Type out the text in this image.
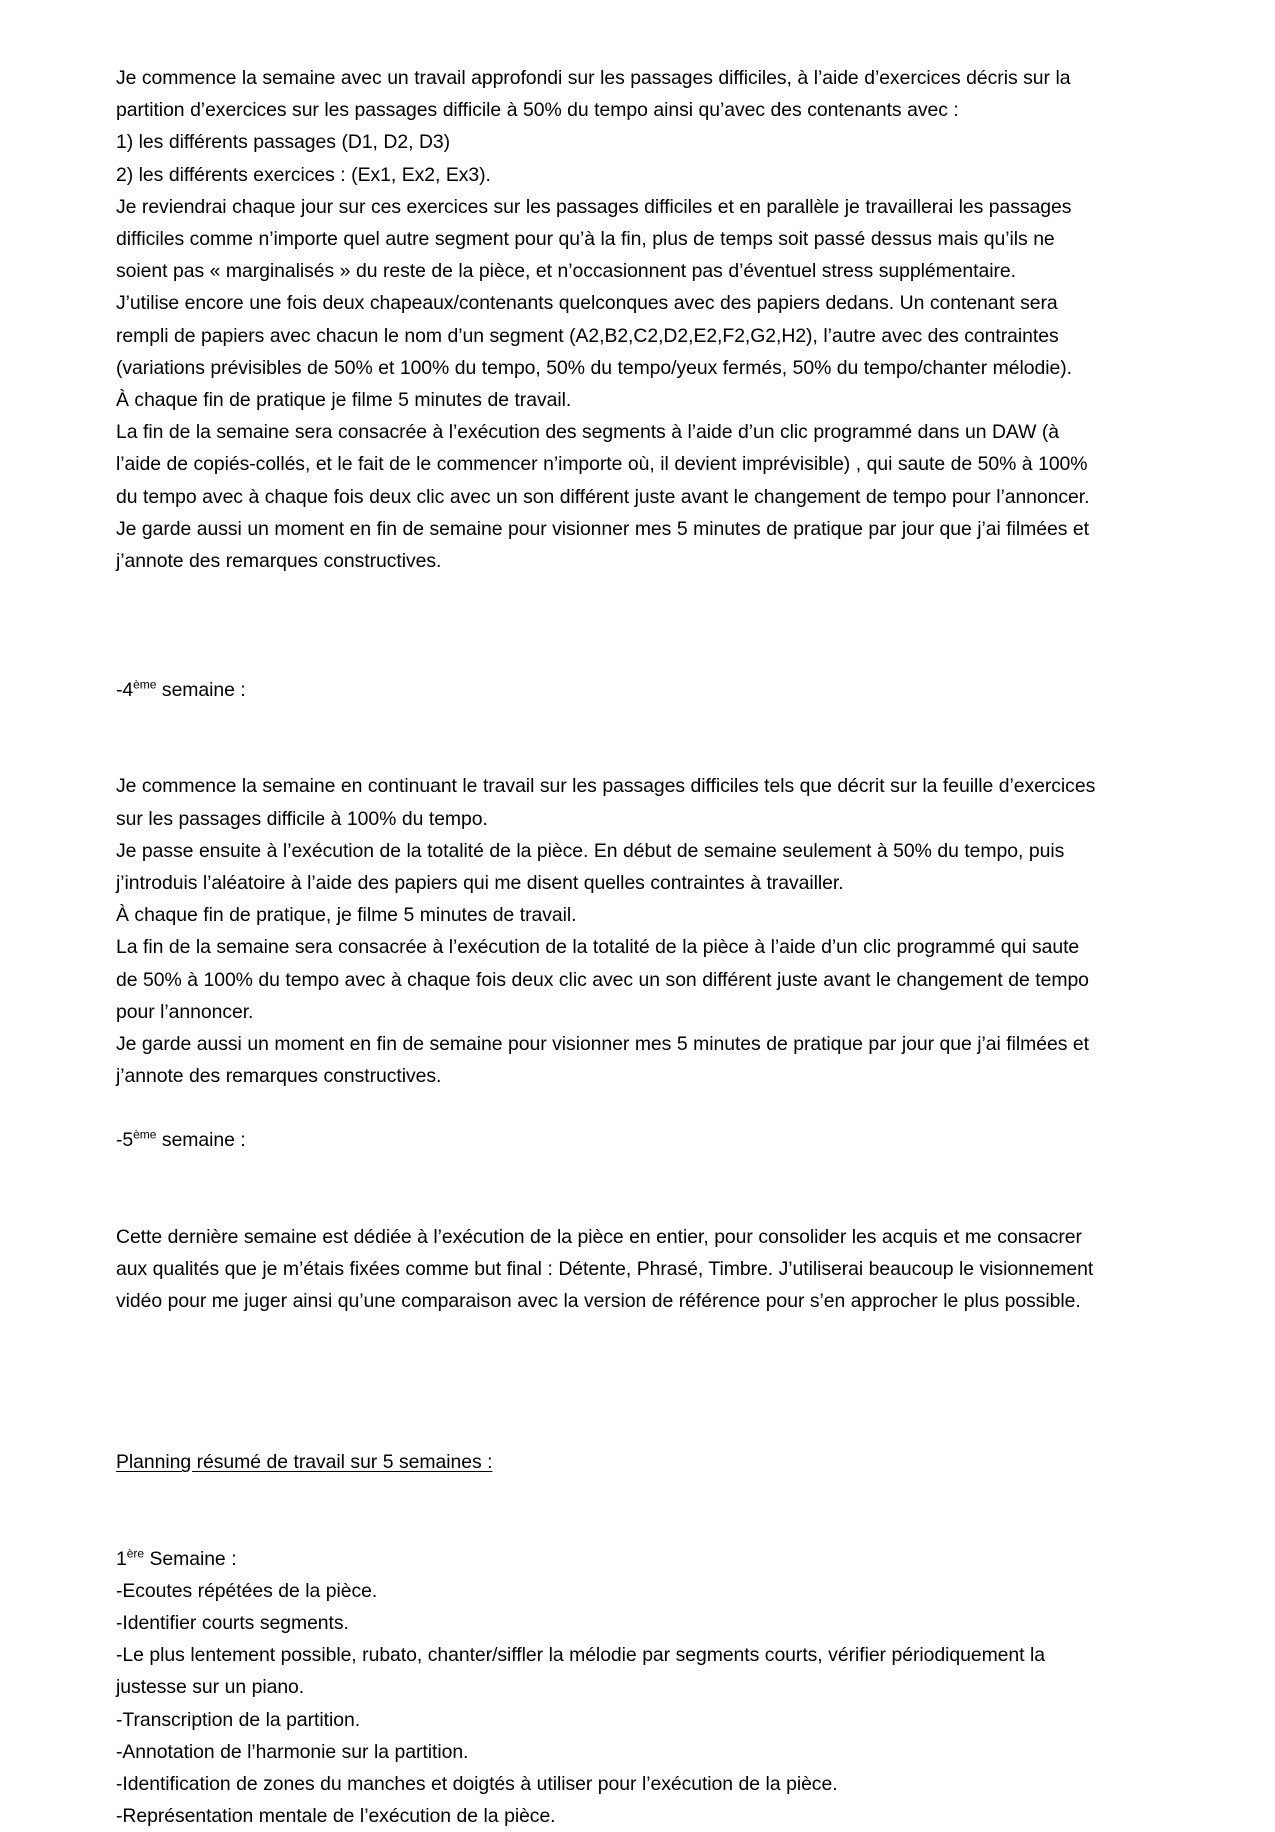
Je commence la semaine avec un travail approfondi sur les passages difficiles, à l’aide d’exercices décris sur la partition d’exercices sur les passages difficile à 50% du tempo ainsi qu’avec des contenants avec :

1) les différents passages (D1, D2, D3)

2) les différents exercices : (Ex1, Ex2, Ex3).

Je reviendrai chaque jour sur ces exercices sur les passages difficiles et en parallèle je travaillerai les passages difficiles comme n’importe quel autre segment pour qu’à la fin, plus de temps soit passé dessus mais qu’ils ne soient pas « marginalisés » du reste de la pièce, et n’occasionnent pas d’éventuel stress supplémentaire.

J’utilise encore une fois deux chapeaux/contenants quelconques avec des papiers dedans. Un contenant sera rempli de papiers avec chacun le nom d’un segment (A2,B2,C2,D2,E2,F2,G2,H2), l’autre avec des contraintes (variations prévisibles de 50% et 100% du tempo, 50% du tempo/yeux fermés, 50% du tempo/chanter mélodie).

À chaque fin de pratique je filme 5 minutes de travail.

La fin de la semaine sera consacrée à l’exécution des segments à l’aide d’un clic programmé dans un DAW (à l’aide de copiés-collés, et le fait de le commencer n’importe où, il devient imprévisible) , qui saute de 50% à 100% du tempo avec à chaque fois deux clic avec un son différent juste avant le changement de tempo pour l’annoncer.

Je garde aussi un moment en fin de semaine pour visionner mes 5 minutes de pratique par jour que j’ai filmées et j’annote des remarques constructives.

-4ème semaine :

Je commence la semaine en continuant le travail sur les passages difficiles tels que décrit sur la feuille d’exercices sur les passages difficile à 100% du tempo.

Je passe ensuite à l’exécution de la totalité de la pièce. En début de semaine seulement à 50% du tempo, puis j’introduis l’aléatoire à l’aide des papiers qui me disent quelles contraintes à travailler.

À chaque fin de pratique, je filme 5 minutes de travail.

La fin de la semaine sera consacrée à l’exécution de la totalité de la pièce à l’aide d’un clic programmé qui saute de 50% à 100% du tempo avec à chaque fois deux clic avec un son différent juste avant le changement de tempo pour l’annoncer.

Je garde aussi un moment en fin de semaine pour visionner mes 5 minutes de pratique par jour que j’ai filmées et j’annote des remarques constructives.

-5ème semaine :

Cette dernière semaine est dédiée à l’exécution de la pièce en entier, pour consolider les acquis et me consacrer aux qualités que je m’étais fixées comme but final : Détente, Phrasé, Timbre. J’utiliserai beaucoup le visionnement vidéo pour me juger ainsi qu’une comparaison avec la version de référence pour s’en approcher le plus possible.

Planning résumé de travail sur 5 semaines :

1ère Semaine :

-Ecoutes répétées de la pièce.

-Identifier courts segments.

-Le plus lentement possible, rubato, chanter/siffler la mélodie par segments courts, vérifier périodiquement la justesse sur un piano.

-Transcription de la partition.

-Annotation de l’harmonie sur la partition.

-Identification de zones du manches et doigtés à utiliser pour l’exécution de la pièce.

-Représentation mentale de l’exécution de la pièce.
